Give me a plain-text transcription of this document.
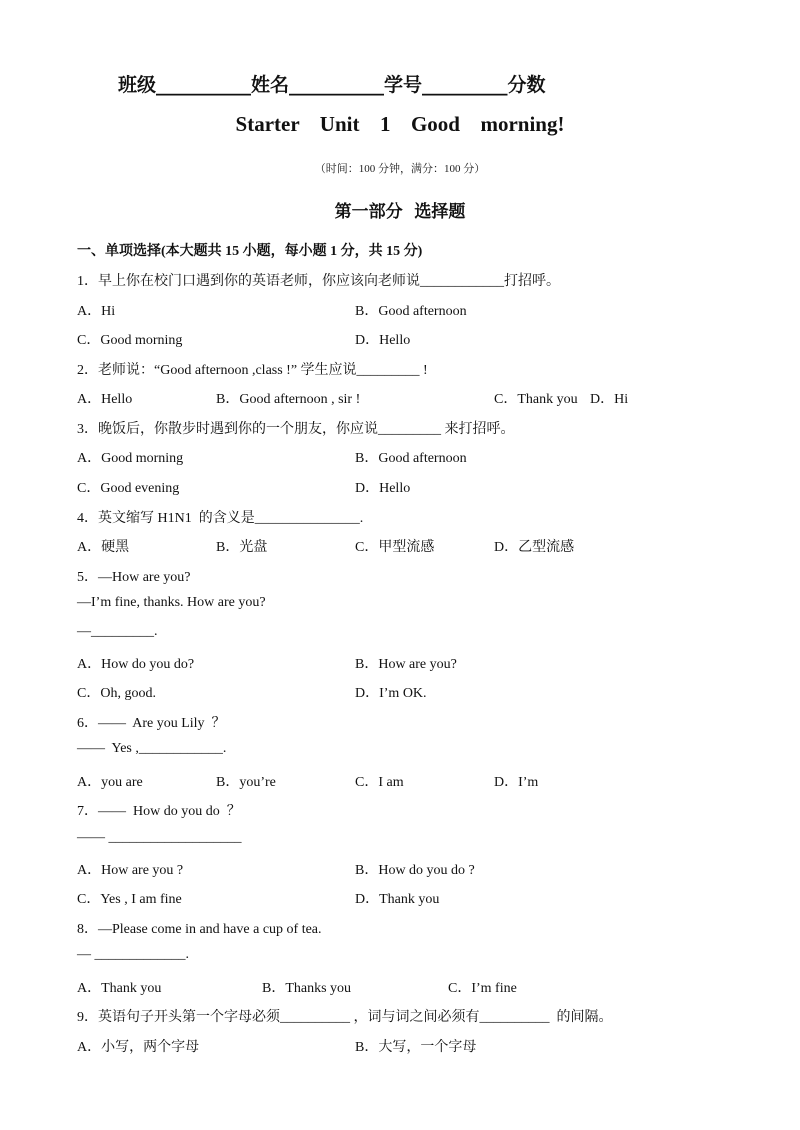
班级__________姓名__________学号_________分数
Starter  Unit  1  Good  morning!
（时间：100 分钟，满分：100 分）
第一部分  选择题
一、单项选择(本大题共 15 小题，每小题 1 分，共 15 分)
1．早上你在校门口遇到你的英语老师，你应该向老师说____________打招呼。
A．Hi	B．Good afternoon
C．Good morning	D．Hello
2．老师说：“Good afternoon ,class !” 学生应说_________ !
A．Hello	B．Good afternoon , sir !	C．Thank you D．Hi
3．晚饭后，你散步时遇到你的一个朋友，你应说_________ 来打招呼。
A．Good morning	B．Good afternoon
C．Good evening	D．Hello
4．英文缩写 H1N1  的含义是_______________.
A．硬黑	B．光盘	C．甲型流感	D．乙型流感
5．—How are you?
—I’m fine, thanks. How are you?
—_________.
A．How do you do?	B．How are you?
C．Oh, good.	D．I’m OK.
6．——  Are you Lily  ？
——  Yes ,____________.
A．you are	B．you’re	C．I am	D．I’m
7．——  How do you do  ？
—— ___________________
A．How are you ?	B．How do you do ?
C．Yes , I am fine	D．Thank you
8．—Please come in and have a cup of tea.
— _____________.
A．Thank you	B．Thanks you	C．I’m fine
9．英语句子开头第一个字母必须__________ ，词与词之间必须有__________  的间隔。
A．小写，两个字母	B．大写，一个字母
